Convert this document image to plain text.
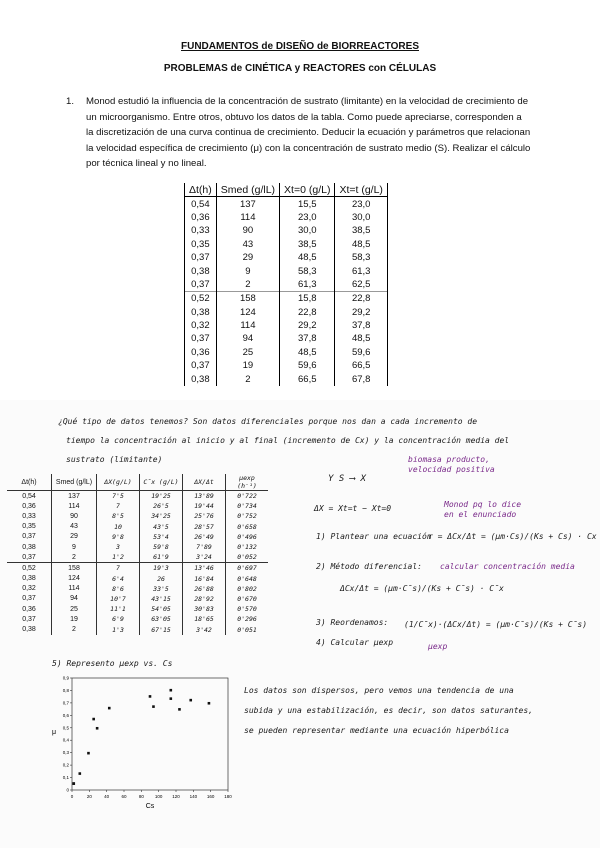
FUNDAMENTOS de DISEÑO de BIORREACTORES
PROBLEMAS de CINÉTICA y REACTORES con CÉLULAS
1. Monod estudió la influencia de la concentración de sustrato (limitante) en la velocidad de crecimiento de
un microorganismo. Entre otros, obtuvo los datos de la tabla. Como puede apreciarse, corresponden a
la discretización de una curva continua de crecimiento. Deducir la ecuación y parámetros que relacionan
la velocidad específica de crecimiento (μ) con la concentración de sustrato medio (S). Realizar el cálculo
por técnica lineal y no lineal.
Δt(h)	Smed (g/lL)	Xt=0 (g/L)	Xt=t (g/L)
0,54	137	15,5	23,0
0,36	114	23,0	30,0
0,33	90	30,0	38,5
0,35	43	38,5	48,5
0,37	29	48,5	58,3
0,38	9	58,3	61,3
0,37	2	61,3	62,5
0,52	158	15,8	22,8
0,38	124	22,8	29,2
0,32	114	29,2	37,8
0,37	94	37,8	48,5
0,36	25	48,5	59,6
0,37	19	59,6	66,5
0,38	2	66,5	67,8
¿Qué tipo de datos tenemos? Son datos diferenciales porque nos dan a cada incremento de
tiempo la concentración al inicio y al final (incremento de Cx) y la concentración media del
sustrato (limitante)
Δt(h)	Smed (g/lL)	ΔX(g/L)	C̄x (g/L)	ΔX/Δt	μexp (h⁻¹)
0,54	137	7'5	19'25	13'89	0'722
0,36	114	7	26'5	19'44	0'734
0,33	90	8'5	34'25	25'76	0'752
0,35	43	10	43'5	28'57	0'658
0,37	29	9'8	53'4	26'49	0'496
0,38	9	3	59'8	7'89	0'132
0,37	2	1'2	61'9	3'24	0'052
0,52	158	7	19'3	13'46	0'697
0,38	124	6'4	26	16'84	0'648
0,32	114	8'6	33'5	26'88	0'802
0,37	94	10'7	43'15	28'92	0'670
0,36	25	11'1	54'05	30'83	0'570
0,37	19	6'9	63'05	18'65	0'296
0,38	2	1'3	67'15	3'42	0'051
Y S ⟶ X
biomasa producto,
velocidad positiva
ΔX = Xt=t − Xt=0	Monod pq lo dice
en el enunciado
1) Plantear una ecuación
r = ΔCx/Δt = (μm·Cs)/(Ks + Cs) · Cx
2) Método diferencial: calcular concentración media
ΔCx/Δt = (μm·C̄s)/(Ks + C̄s) · C̄x
3) Reordenamos: (1/C̄x)·(ΔCx/Δt) = (μm·C̄s)/(Ks + C̄s)
μexp
4) Calcular μexp
5) Represento μexp vs. Cs
Los datos son dispersos, pero vemos una tendencia de una
subida y una estabilización, es decir, son datos saturantes,
se pueden representar mediante una ecuación hiperbólica
0	20	40	60	80 100 120 140 160 180
0
0,1
0,2
0,3
0,4
0,5
0,6
0,7
0,8
0,9
Cs
μ
